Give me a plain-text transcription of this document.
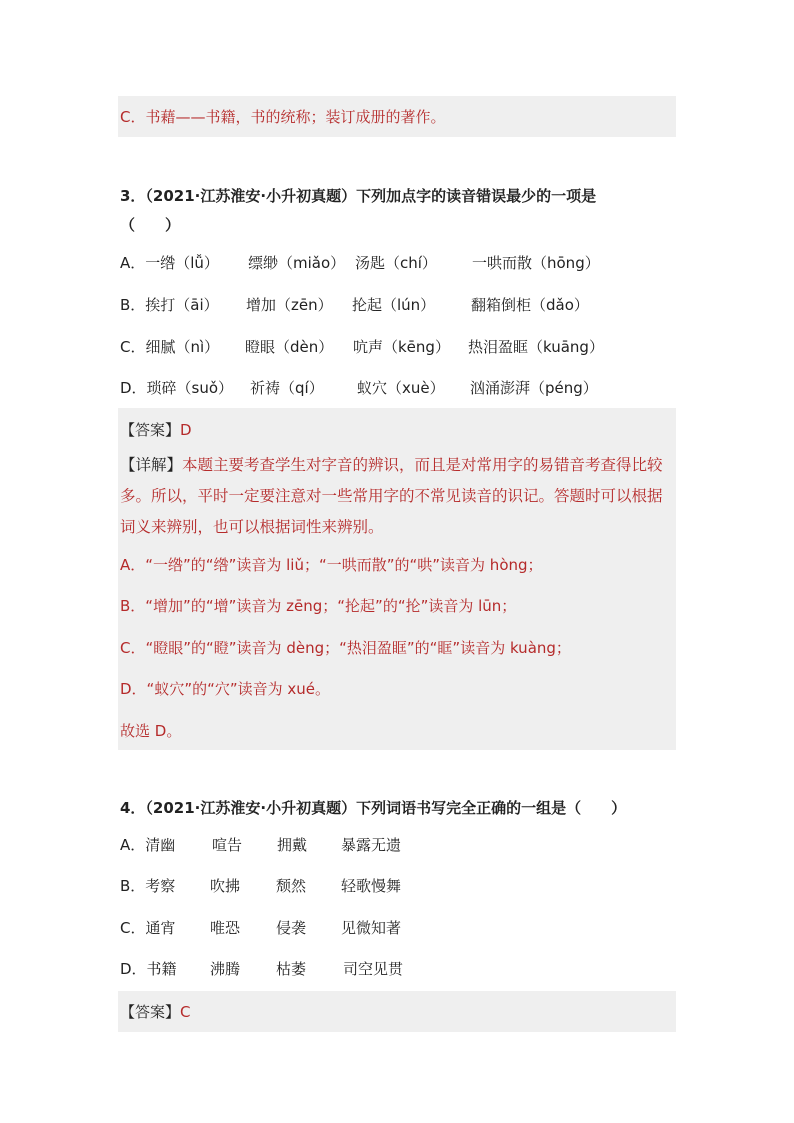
C．书藉——书籍，书的统称；装订成册的著作。
3．（2021·江苏淮安·小升初真题）下列加点字的读音错误最少的一项是
（　　）
A．一绺（lǚ） 缥缈（miǎo） 汤匙（chí） 一哄而散（hōng）
B．挨打（āi） 增加（zēn） 抡起（lún） 翻箱倒柜（dǎo）
C．细腻（nì） 瞪眼（dèn） 吭声（kēng） 热泪盈眶（kuāng）
D．琐碎（suǒ） 祈祷（qí） 蚁穴（xuè） 汹涌澎湃（péng）
【答案】D
【详解】本题主要考查学生对字音的辨识，而且是对常用字的易错音考查得比较多。所以，平时一定要注意对一些常用字的不常见读音的识记。答题时可以根据词义来辨别，也可以根据词性来辨别。
A．“一绺”的“绺”读音为 liǔ；“一哄而散”的“哄”读音为 hòng；
B．“增加”的“增”读音为 zēng；“抡起”的“抡”读音为 lūn；
C．“瞪眼”的“瞪”读音为 dèng；“热泪盈眶”的“眶”读音为 kuàng；
D．“蚁穴”的“穴”读音为 xué。
故选 D。
4．（2021·江苏淮安·小升初真题）下列词语书写完全正确的一组是（　　）
A．清幽 喧告 拥戴 暴露无遗
B．考察 吹拂 颓然 轻歌慢舞
C．通宵 唯恐 侵袭 见微知著
D．书籍 沸腾 枯萎 司空见贯
【答案】C
